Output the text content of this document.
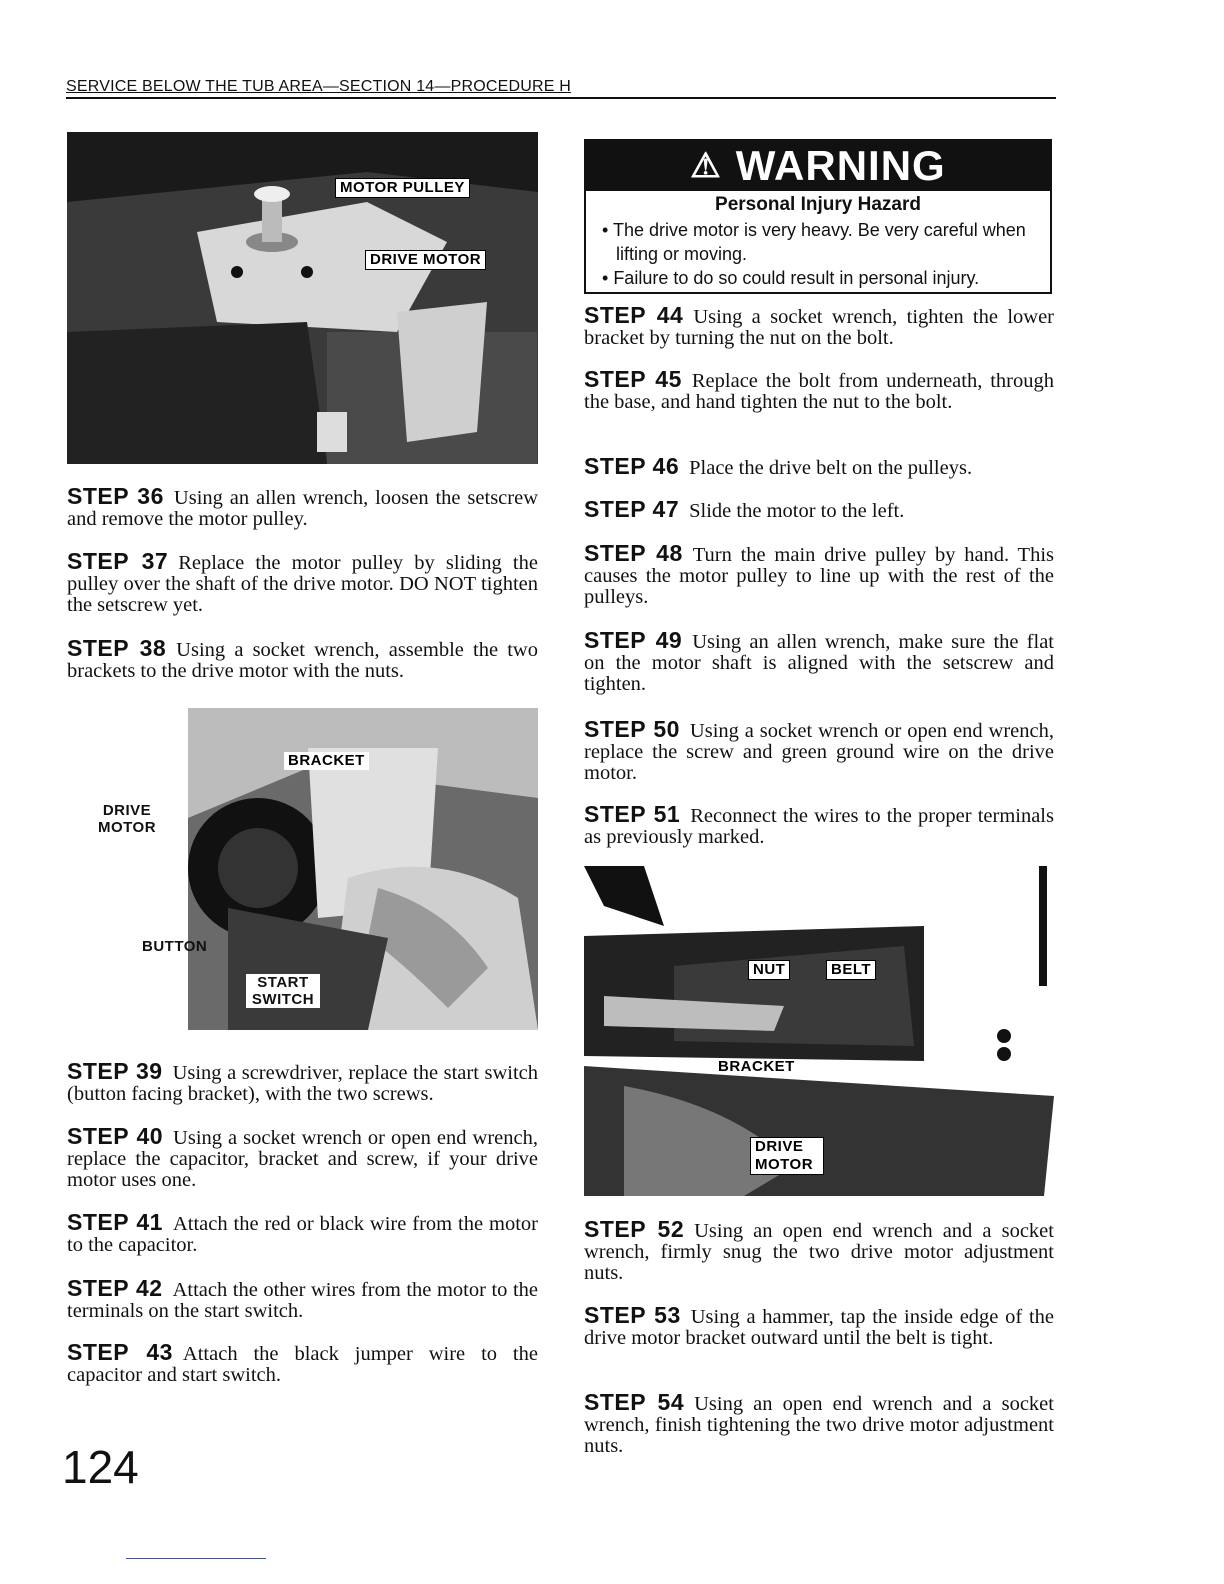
SERVICE BELOW THE TUB AREA—SECTION 14—PROCEDURE H
MOTOR PULLEY
DRIVE MOTOR
BRACKET
DRIVE
MOTOR
BUTTON
START
SWITCH
NUT	BELT
BRACKET
DRIVE
MOTOR
⚠ WARNING
Personal Injury Hazard
• The drive motor is very heavy. Be very careful when lifting or moving.
• Failure to do so could result in personal injury.
STEP 36 Using an allen wrench, loosen the setscrew and remove the motor pulley.
STEP 37 Replace the motor pulley by sliding the pulley over the shaft of the drive motor. DO NOT tighten the setscrew yet.
STEP 38 Using a socket wrench, assemble the two brackets to the drive motor with the nuts.
STEP 39 Using a screwdriver, replace the start switch (button facing bracket), with the two screws.
STEP 40 Using a socket wrench or open end wrench, replace the capacitor, bracket and screw, if your drive motor uses one.
STEP 41 Attach the red or black wire from the motor to the capacitor.
STEP 42 Attach the other wires from the motor to the terminals on the start switch.
STEP 43 Attach the black jumper wire to the capacitor and start switch.
STEP 44 Using a socket wrench, tighten the lower bracket by turning the nut on the bolt.
STEP 45 Replace the bolt from underneath, through the base, and hand tighten the nut to the bolt.
STEP 46 Place the drive belt on the pulleys.
STEP 47 Slide the motor to the left.
STEP 48 Turn the main drive pulley by hand. This causes the motor pulley to line up with the rest of the pulleys.
STEP 49 Using an allen wrench, make sure the flat on the motor shaft is aligned with the setscrew and tighten.
STEP 50 Using a socket wrench or open end wrench, replace the screw and green ground wire on the drive motor.
STEP 51 Reconnect the wires to the proper terminals as previously marked.
STEP 52 Using an open end wrench and a socket wrench, firmly snug the two drive motor adjustment nuts.
STEP 53 Using a hammer, tap the inside edge of the drive motor bracket outward until the belt is tight.
STEP 54 Using an open end wrench and a socket wrench, finish tightening the two drive motor adjustment nuts.
124
